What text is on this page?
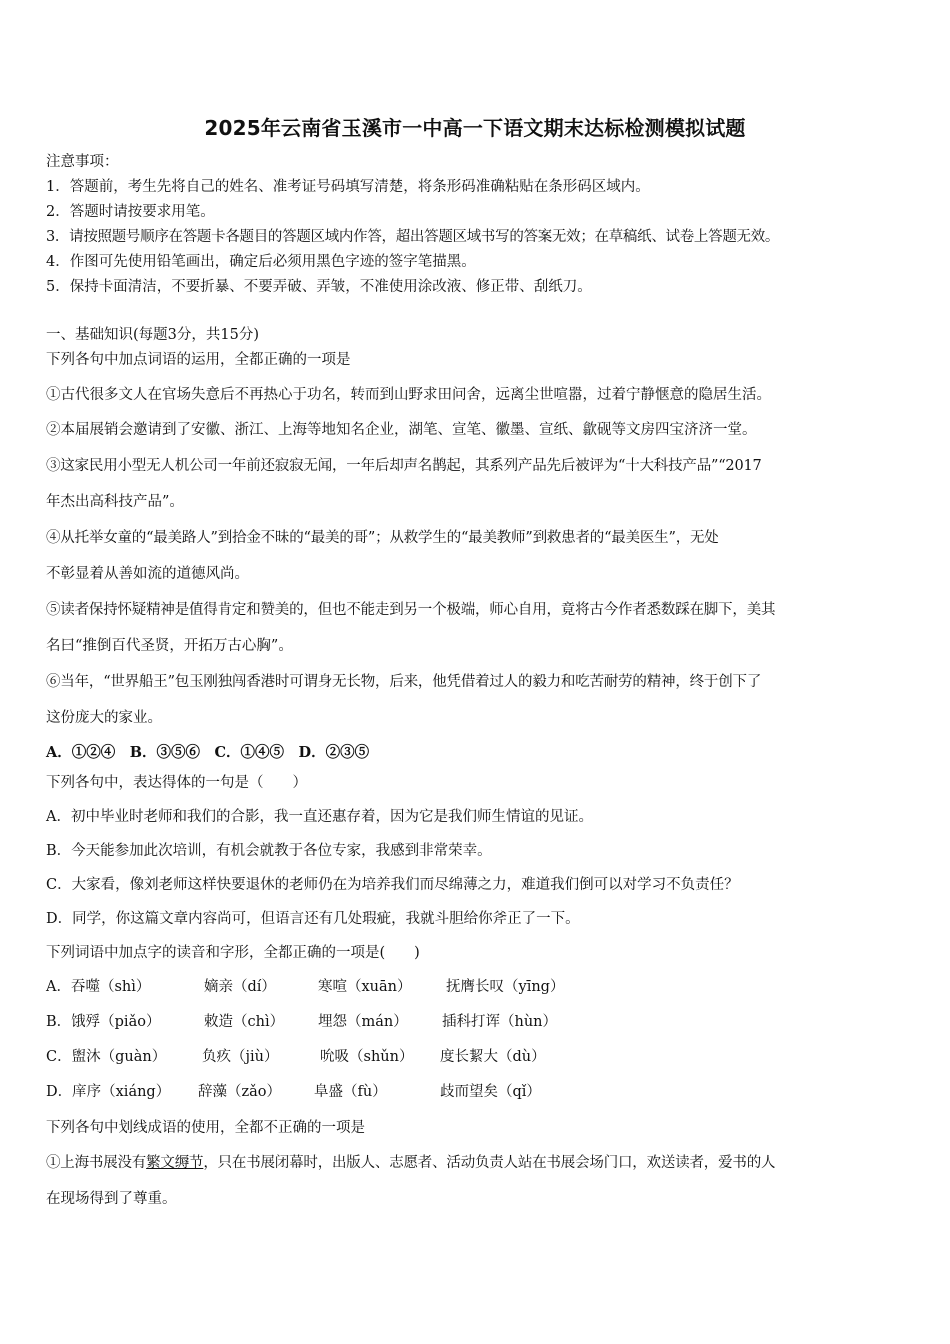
2025年云南省玉溪市一中高一下语文期末达标检测模拟试题
注意事项：
1．答题前，考生先将自己的姓名、准考证号码填写清楚，将条形码准确粘贴在条形码区域内。
2．答题时请按要求用笔。
3．请按照题号顺序在答题卡各题目的答题区域内作答，超出答题区域书写的答案无效；在草稿纸、试卷上答题无效。
4．作图可先使用铅笔画出，确定后必须用黑色字迹的签字笔描黑。
5．保持卡面清洁，不要折暴、不要弄破、弄皱，不准使用涂改液、修正带、刮纸刀。
一、基础知识(每题3分，共15分)
下列各句中加点词语的运用，全都正确的一项是
①古代很多文人在官场失意后不再热心于功名，转而到山野求田问舍，远离尘世喧嚣，过着宁静惬意的隐居生活。
②本届展销会邀请到了安徽、浙江、上海等地知名企业，湖笔、宣笔、徽墨、宣纸、歙砚等文房四宝济济一堂。
③这家民用小型无人机公司一年前还寂寂无闻，一年后却声名鹊起，其系列产品先后被评为“十大科技产品”“2017
年杰出高科技产品”。
④从托举女童的“最美路人”到拾金不昧的“最美的哥”；从救学生的“最美教师”到救患者的“最美医生”，无处
不彰显着从善如流的道德风尚。
⑤读者保持怀疑精神是值得肯定和赞美的，但也不能走到另一个极端，师心自用，竟将古今作者悉数踩在脚下，美其
名曰“推倒百代圣贤，开拓万古心胸”。
⑥当年，“世界船王”包玉刚独闯香港时可谓身无长物，后来，他凭借着过人的毅力和吃苦耐劳的精神，终于创下了
这份庞大的家业。
A．①②④　B．③⑤⑥　C．①④⑤　D．②③⑤
下列各句中，表达得体的一句是（　　）
A．初中毕业时老师和我们的合影，我一直还惠存着，因为它是我们师生情谊的见证。
B．今天能参加此次培训，有机会就教于各位专家，我感到非常荣幸。
C．大家看，像刘老师这样快要退休的老师仍在为培养我们而尽绵薄之力，难道我们倒可以对学习不负责任？
D．同学，你这篇文章内容尚可，但语言还有几处瑕疵，我就斗胆给你斧正了一下。
下列词语中加点字的读音和字形，全都正确的一项是(　　)
A．吞噬（shì）	嫡亲（dí）	寒喧（xuān）	抚膺长叹（yīng）
B．饿殍（piǎo）	敕造（chì）	埋怨（mán）	插科打诨（hùn）
C．盥沐（guàn）	负疚（jiù）	吮吸（shǔn）	度长絜大（dù）
D．庠序（xiáng）	辞藻（zǎo）	阜盛（fù）	歧而望矣（qǐ）
下列各句中划线成语的使用，全都不正确的一项是
①上海书展没有繁文缛节，只在书展闭幕时，出版人、志愿者、活动负责人站在书展会场门口，欢送读者，爱书的人
在现场得到了尊重。
